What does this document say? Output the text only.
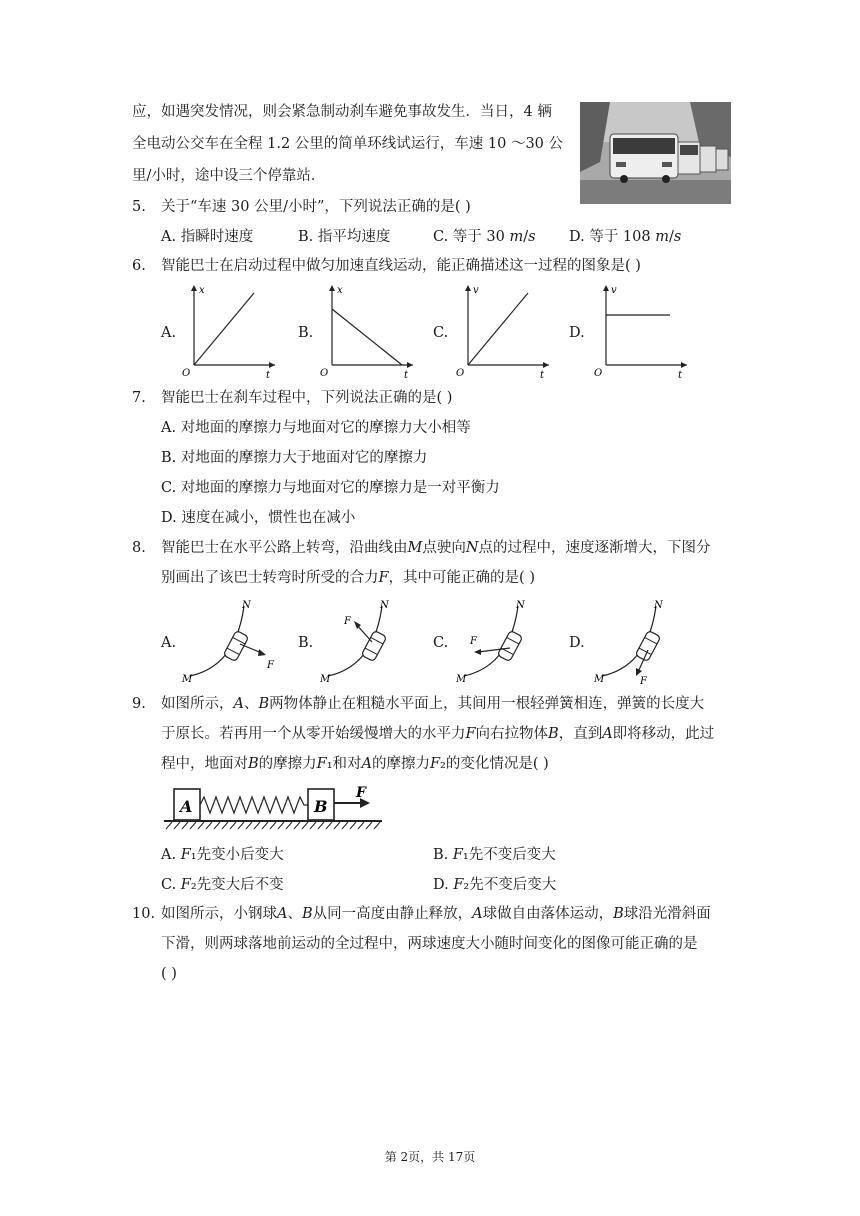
应，如遇突发情况，则会紧急制动刹车避免事故发生．当日，4 辆
全电动公交车在全程 1.2 公里的简单环线试运行，车速 10 ～30 公
里/小时，途中设三个停靠站．
5. 关于“车速 30 公里/小时”，下列说法正确的是( )
A. 指瞬时速度	B. 指平均速度	C. 等于 30 𝑚/𝑠 D. 等于 108 𝑚/𝑠
6. 智能巴士在启动过程中做匀加速直线运动，能正确描述这一过程的图象是( )
A.	B.	C.	D.
x
t
O
x
t
O
v
t
O
v
t
O
7. 智能巴士在刹车过程中，下列说法正确的是( )
A. 对地面的摩擦力与地面对它的摩擦力大小相等
B. 对地面的摩擦力大于地面对它的摩擦力
C. 对地面的摩擦力与地面对它的摩擦力是一对平衡力
D. 速度在减小，惯性也在减小
8. 智能巴士在水平公路上转弯，沿曲线由𝑀点驶向𝑁点的过程中，速度逐渐增大，下图分
别画出了该巴士转弯时所受的合力𝐹，其中可能正确的是( )
A.	B.	C.	D.
N
M
F
N
M
F
N
M
F
N
M	F
9. 如图所示，𝐴、𝐵两物体静止在粗糙水平面上，其间用一根轻弹簧相连，弹簧的长度大
于原长。若再用一个从零开始缓慢增大的水平力𝐹向右拉物体𝐵，直到𝐴即将移动，此过
程中，地面对𝐵的摩擦力𝐹₁和对𝐴的摩擦力𝐹₂的变化情况是( )
A	B
F
A. 𝐹₁先变小后变大	B. 𝐹₁先不变后变大
C. 𝐹₂先变大后不变	D. 𝐹₂先不变后变大
10. 如图所示，小钢球𝐴、𝐵从同一高度由静止释放，𝐴球做自由落体运动，𝐵球沿光滑斜面
下滑，则两球落地前运动的全过程中，两球速度大小随时间变化的图像可能正确的是
( )
第 2页，共 17页
